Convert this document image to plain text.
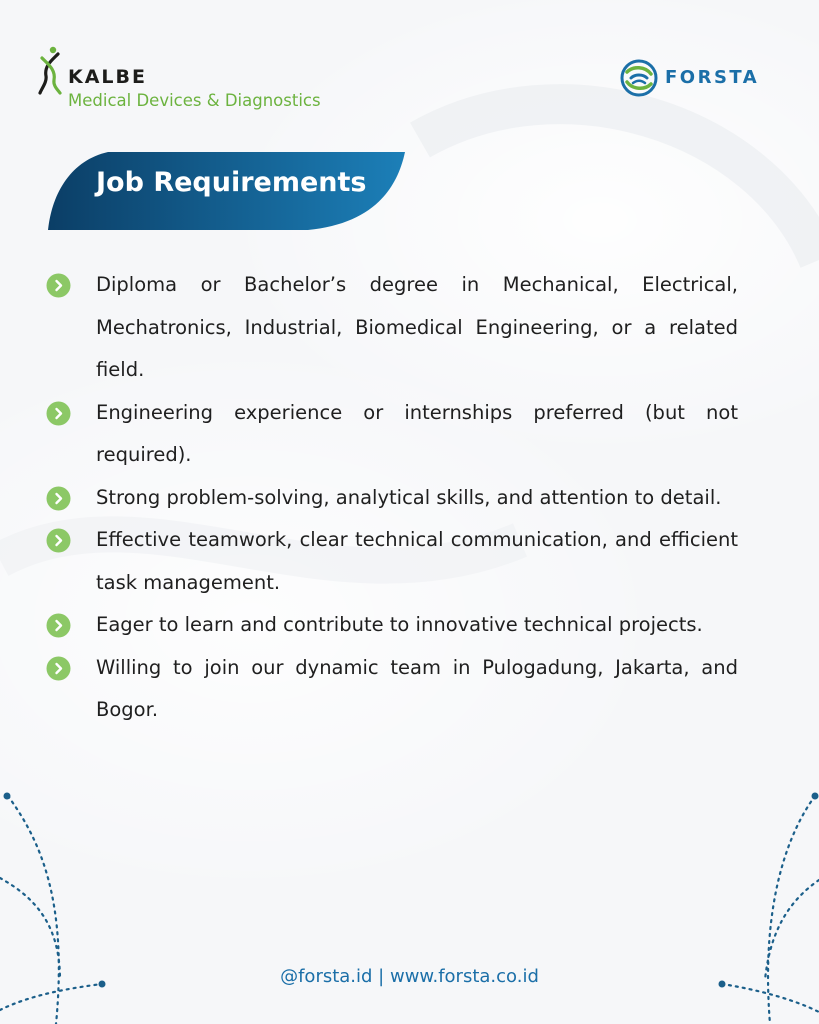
KALBE
Medical Devices & Diagnostics
FORSTA
Job Requirements
Diploma or Bachelor’s degree in Mechanical, Electrical, Mechatronics, Industrial, Biomedical Engineering, or a related field.
Engineering experience or internships preferred (but not required).
Strong problem-solving, analytical skills, and attention to detail.
Effective teamwork, clear technical communication, and efficient task management.
Eager to learn and contribute to innovative technical projects.
Willing to join our dynamic team in Pulogadung, Jakarta, and Bogor.
@forsta.id | www.forsta.co.id
